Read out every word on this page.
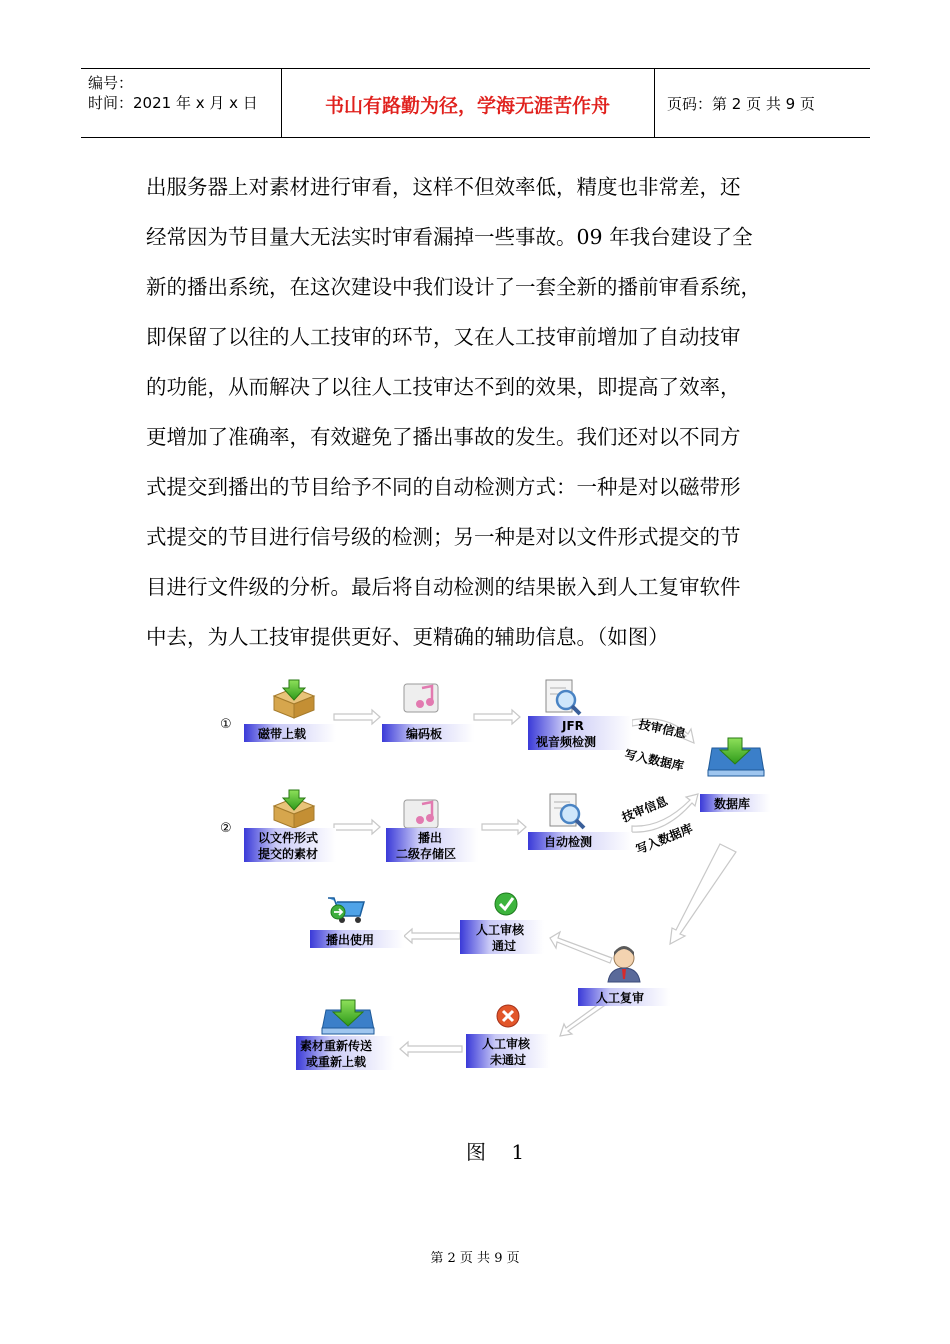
编号：
时间：2021 年 x 月 x 日	书山有路勤为径，学海无涯苦作舟	页码：第 2 页 共 9 页
出服务器上对素材进行审看，这样不但效率低，精度也非常差，还
经常因为节目量大无法实时审看漏掉一些事故。09 年我台建设了全
新的播出系统，在这次建设中我们设计了一套全新的播前审看系统，
即保留了以往的人工技审的环节，又在人工技审前增加了自动技审
的功能，从而解决了以往人工技审达不到的效果，即提高了效率，
更增加了准确率，有效避免了播出事故的发生。我们还对以不同方
式提交到播出的节目给予不同的自动检测方式：一种是对以磁带形
式提交的节目进行信号级的检测；另一种是对以文件形式提交的节
目进行文件级的分析。最后将自动检测的结果嵌入到人工复审软件
中去，为人工技审提供更好、更精确的辅助信息。（如图）
①
磁带上载	编码板
JFR
视音频检测
技审信息
写入数据库
数据库
②
以文件形式
提交的素材
播出
二级存储区
自动检测
技审信息
写入数据库
播出使用
人工审核
通过
人工复审
素材重新传送
或重新上载
人工审核
未通过
图    1
第 2 页 共 9 页
